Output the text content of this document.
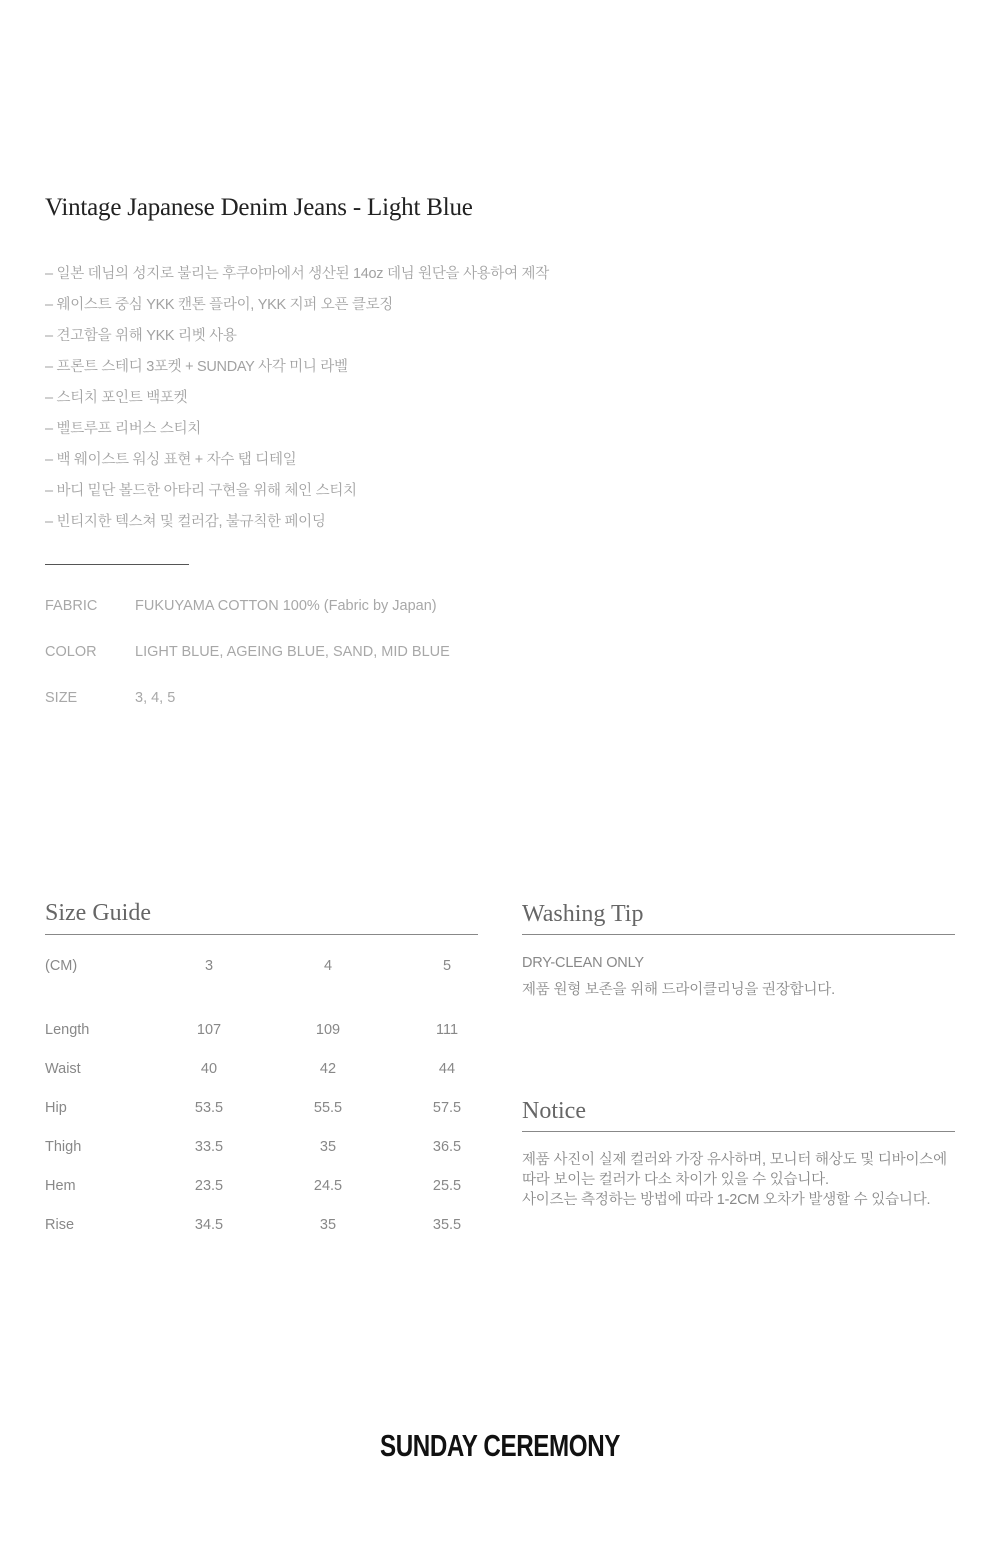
Vintage Japanese Denim Jeans - Light Blue
– 일본 데님의 성지로 불리는 후쿠야마에서 생산된 14oz 데님 원단을 사용하여 제작
– 웨이스트 중심 YKK 캔톤 플라이, YKK 지퍼 오픈 클로징
– 견고함을 위해 YKK 리벳 사용
– 프론트 스테디 3포켓 + SUNDAY 사각 미니 라벨
– 스티치 포인트 백포켓
– 벨트루프 리버스 스티치
– 백 웨이스트 워싱 표현 + 자수 탭 디테일
– 바디 밑단 볼드한 아타리 구현을 위해 체인 스티치
– 빈티지한 텍스쳐 및 컬러감, 불규칙한 페이딩
FABRIC	FUKUYAMA COTTON 100% (Fabric by Japan)
COLOR	LIGHT BLUE, AGEING BLUE, SAND, MID BLUE
SIZE	3, 4, 5
Size Guide
(CM)	3	4	5
Length	107	109	111
Waist	40	42	44
Hip	53.5	55.5	57.5
Thigh	33.5	35	36.5
Hem	23.5	24.5	25.5
Rise	34.5	35	35.5
Washing Tip
DRY-CLEAN ONLY
제품 원형 보존을 위해 드라이클리닝을 권장합니다.
Notice
제품 사진이 실제 컬러와 가장 유사하며, 모니터 해상도 및 디바이스에
따라 보이는 컬러가 다소 차이가 있을 수 있습니다.
사이즈는 측정하는 방법에 따라 1-2CM 오차가 발생할 수 있습니다.
SUNDAY CEREMONY
